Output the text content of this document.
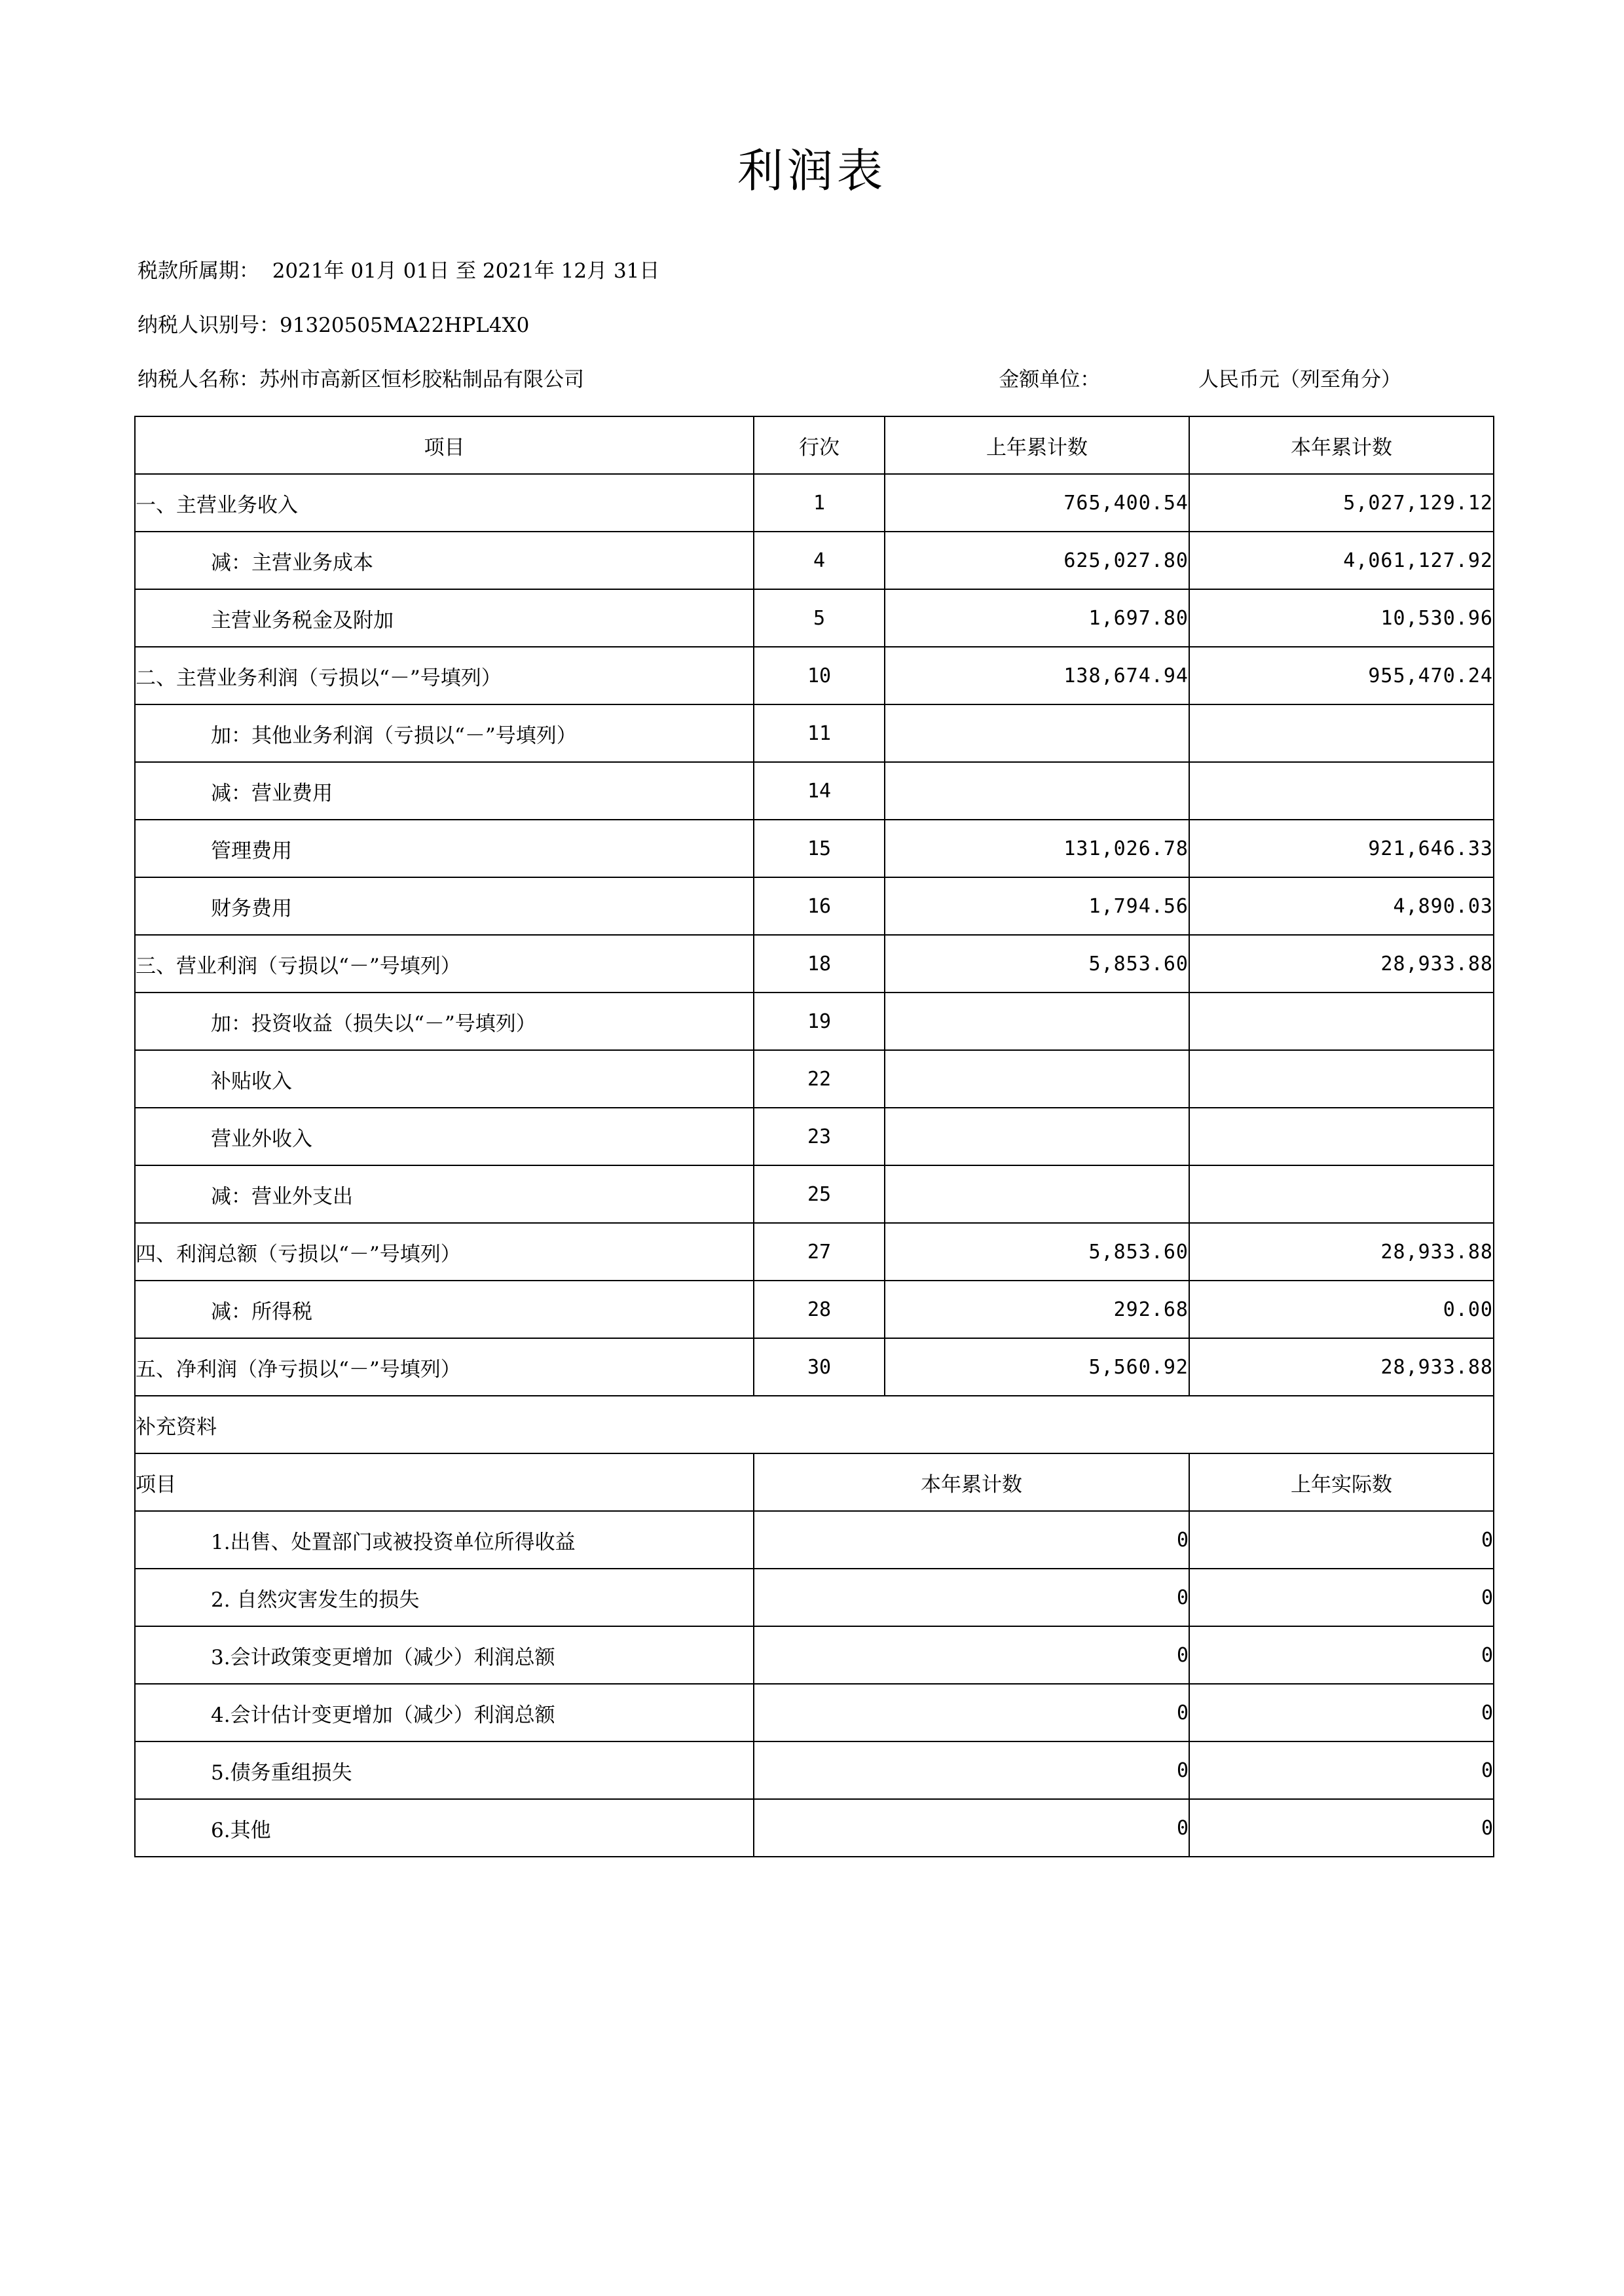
利润表
税款所属期： 2021年 01月 01日 至 2021年 12月 31日
纳税人识别号： 91320505MA22HPL4X0
纳税人名称： 苏州市高新区恒杉胶粘制品有限公司	金额单位：	人民币元（列至角分）
项目	行次	上年累计数	本年累计数
一、主营业务收入	1	765,400.54	5,027,129.12
减：主营业务成本	4	625,027.80	4,061,127.92
主营业务税金及附加	5	1,697.80	10,530.96
二、主营业务利润（亏损以“－”号填列）	10	138,674.94	955,470.24
加：其他业务利润（亏损以“－”号填列）	11		
减：营业费用	14		
管理费用	15	131,026.78	921,646.33
财务费用	16	1,794.56	4,890.03
三、营业利润（亏损以“－”号填列）	18	5,853.60	28,933.88
加：投资收益（损失以“－”号填列）	19		
补贴收入	22		
营业外收入	23		
减：营业外支出	25		
四、利润总额（亏损以“－”号填列）	27	5,853.60	28,933.88
减：所得税	28	292.68	0.00
五、净利润（净亏损以“－”号填列）	30	5,560.92	28,933.88
补充资料			
项目	本年累计数		上年实际数
1.出售、处置部门或被投资单位所得收益	0		0
2. 自然灾害发生的损失	0		0
3.会计政策变更增加（减少）利润总额	0		0
4.会计估计变更增加（减少）利润总额	0		0
5.债务重组损失	0		0
6.其他	0		0
